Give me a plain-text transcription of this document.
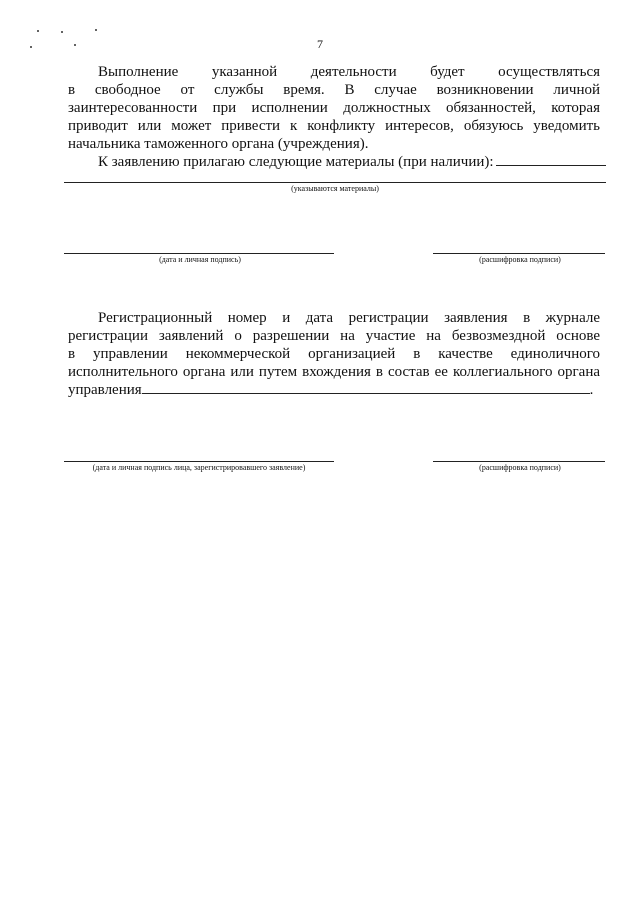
7
Выполнение указанной деятельности будет осуществляться
в свободное от службы время. В случае возникновении личной
заинтересованности при исполнении должностных обязанностей, которая
приводит или может привести к конфликту интересов, обязуюсь уведомить
начальника таможенного органа (учреждения).
К заявлению прилагаю следующие материалы (при наличии):
(указываются материалы)
(дата и личная подпись)	(расшифровка подписи)
Регистрационный номер и дата регистрации заявления в журнале
регистрации заявлений о разрешении на участие на безвозмездной основе
в управлении некоммерческой организацией в качестве единоличного
исполнительного органа или путем вхождения в состав ее коллегиального органа
управления	.
(дата и личная подпись лица, зарегистрировавшего заявление)	(расшифровка подписи)
